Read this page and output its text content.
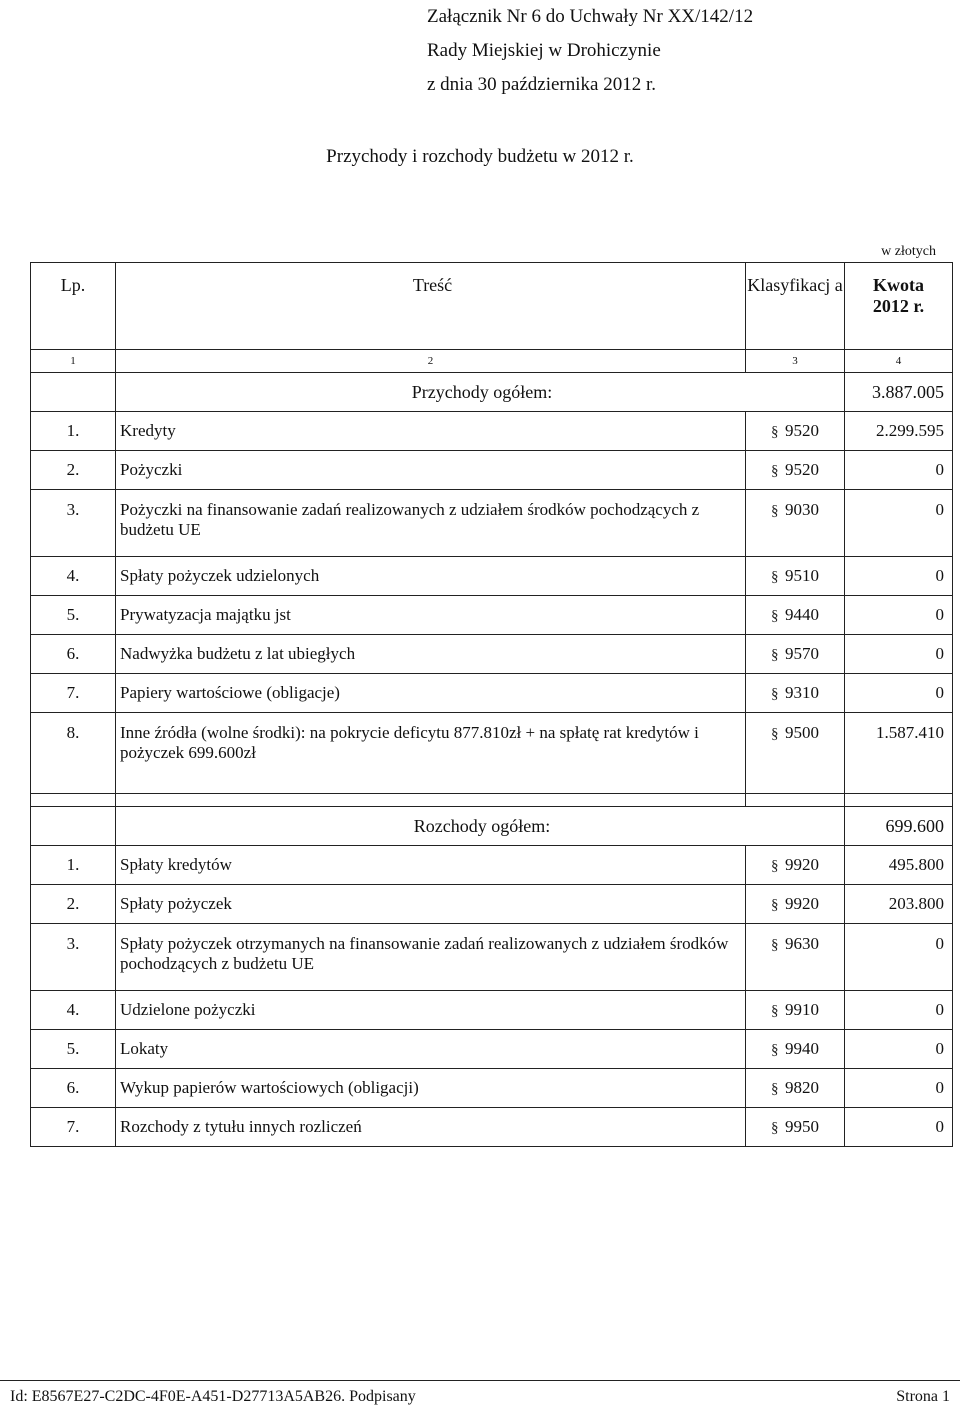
Załącznik Nr 6 do Uchwały Nr XX/142/12
Rady Miejskiej w Drohiczynie
z dnia 30 października 2012 r.
Przychody i rozchody budżetu w 2012 r.
w złotych
Lp.	Treść	Klasyfikacj a	Kwota
2012 r.

1	2	3	4
	Przychody ogółem:		3.887.005
1.	Kredyty	§ 9520	2.299.595
2.	Pożyczki	§ 9520	0
3.	Pożyczki na finansowanie zadań realizowanych z udziałem środków pochodzących z budżetu UE	§ 9030	0
4.	Spłaty pożyczek udzielonych	§ 9510	0
5.	Prywatyzacja majątku jst	§ 9440	0
6.	Nadwyżka budżetu z lat ubiegłych	§ 9570	0
7.	Papiery wartościowe (obligacje)	§ 9310	0
8.	Inne źródła (wolne środki): na pokrycie deficytu 877.810zł + na spłatę rat kredytów i pożyczek 699.600zł	§ 9500	1.587.410

	Rozchody ogółem:		699.600
1.	Spłaty kredytów	§ 9920	495.800
2.	Spłaty pożyczek	§ 9920	203.800
3.	Spłaty pożyczek otrzymanych na finansowanie zadań realizowanych z udziałem środków pochodzących z budżetu UE	§ 9630	0
4.	Udzielone pożyczki	§ 9910	0
5.	Lokaty	§ 9940	0
6.	Wykup papierów wartościowych (obligacji)	§ 9820	0
7.	Rozchody z tytułu innych rozliczeń	§ 9950	0
Id: E8567E27-C2DC-4F0E-A451-D27713A5AB26. Podpisany	Strona 1
